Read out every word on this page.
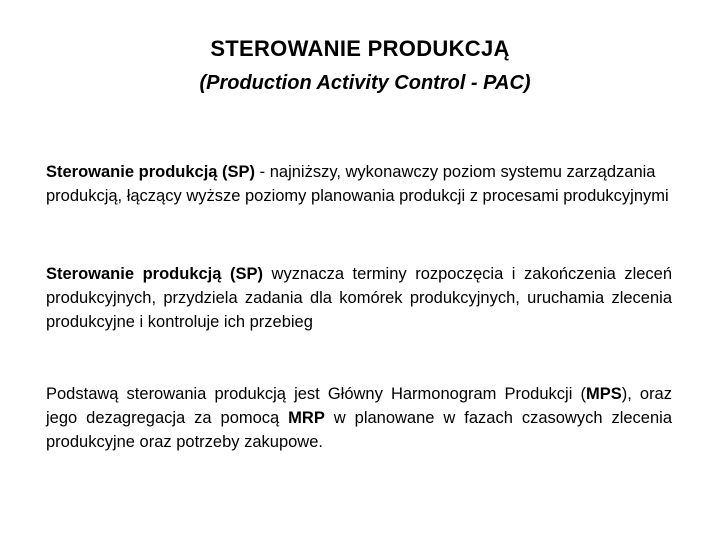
STEROWANIE PRODUKCJĄ
(Production Activity Control - PAC)

Sterowanie produkcją (SP) - najniższy, wykonawczy poziom systemu zarządzania produkcją, łączący wyższe poziomy planowania produkcji z procesami produkcyjnymi

Sterowanie produkcją (SP) wyznacza terminy rozpoczęcia i zakończenia zleceń produkcyjnych, przydziela zadania dla komórek produkcyjnych, uruchamia zlecenia produkcyjne i kontroluje ich przebieg

Podstawą sterowania produkcją jest Główny Harmonogram Produkcji (MPS), oraz jego dezagregacja za pomocą MRP w planowane w fazach czasowych zlecenia produkcyjne oraz potrzeby zakupowe.
